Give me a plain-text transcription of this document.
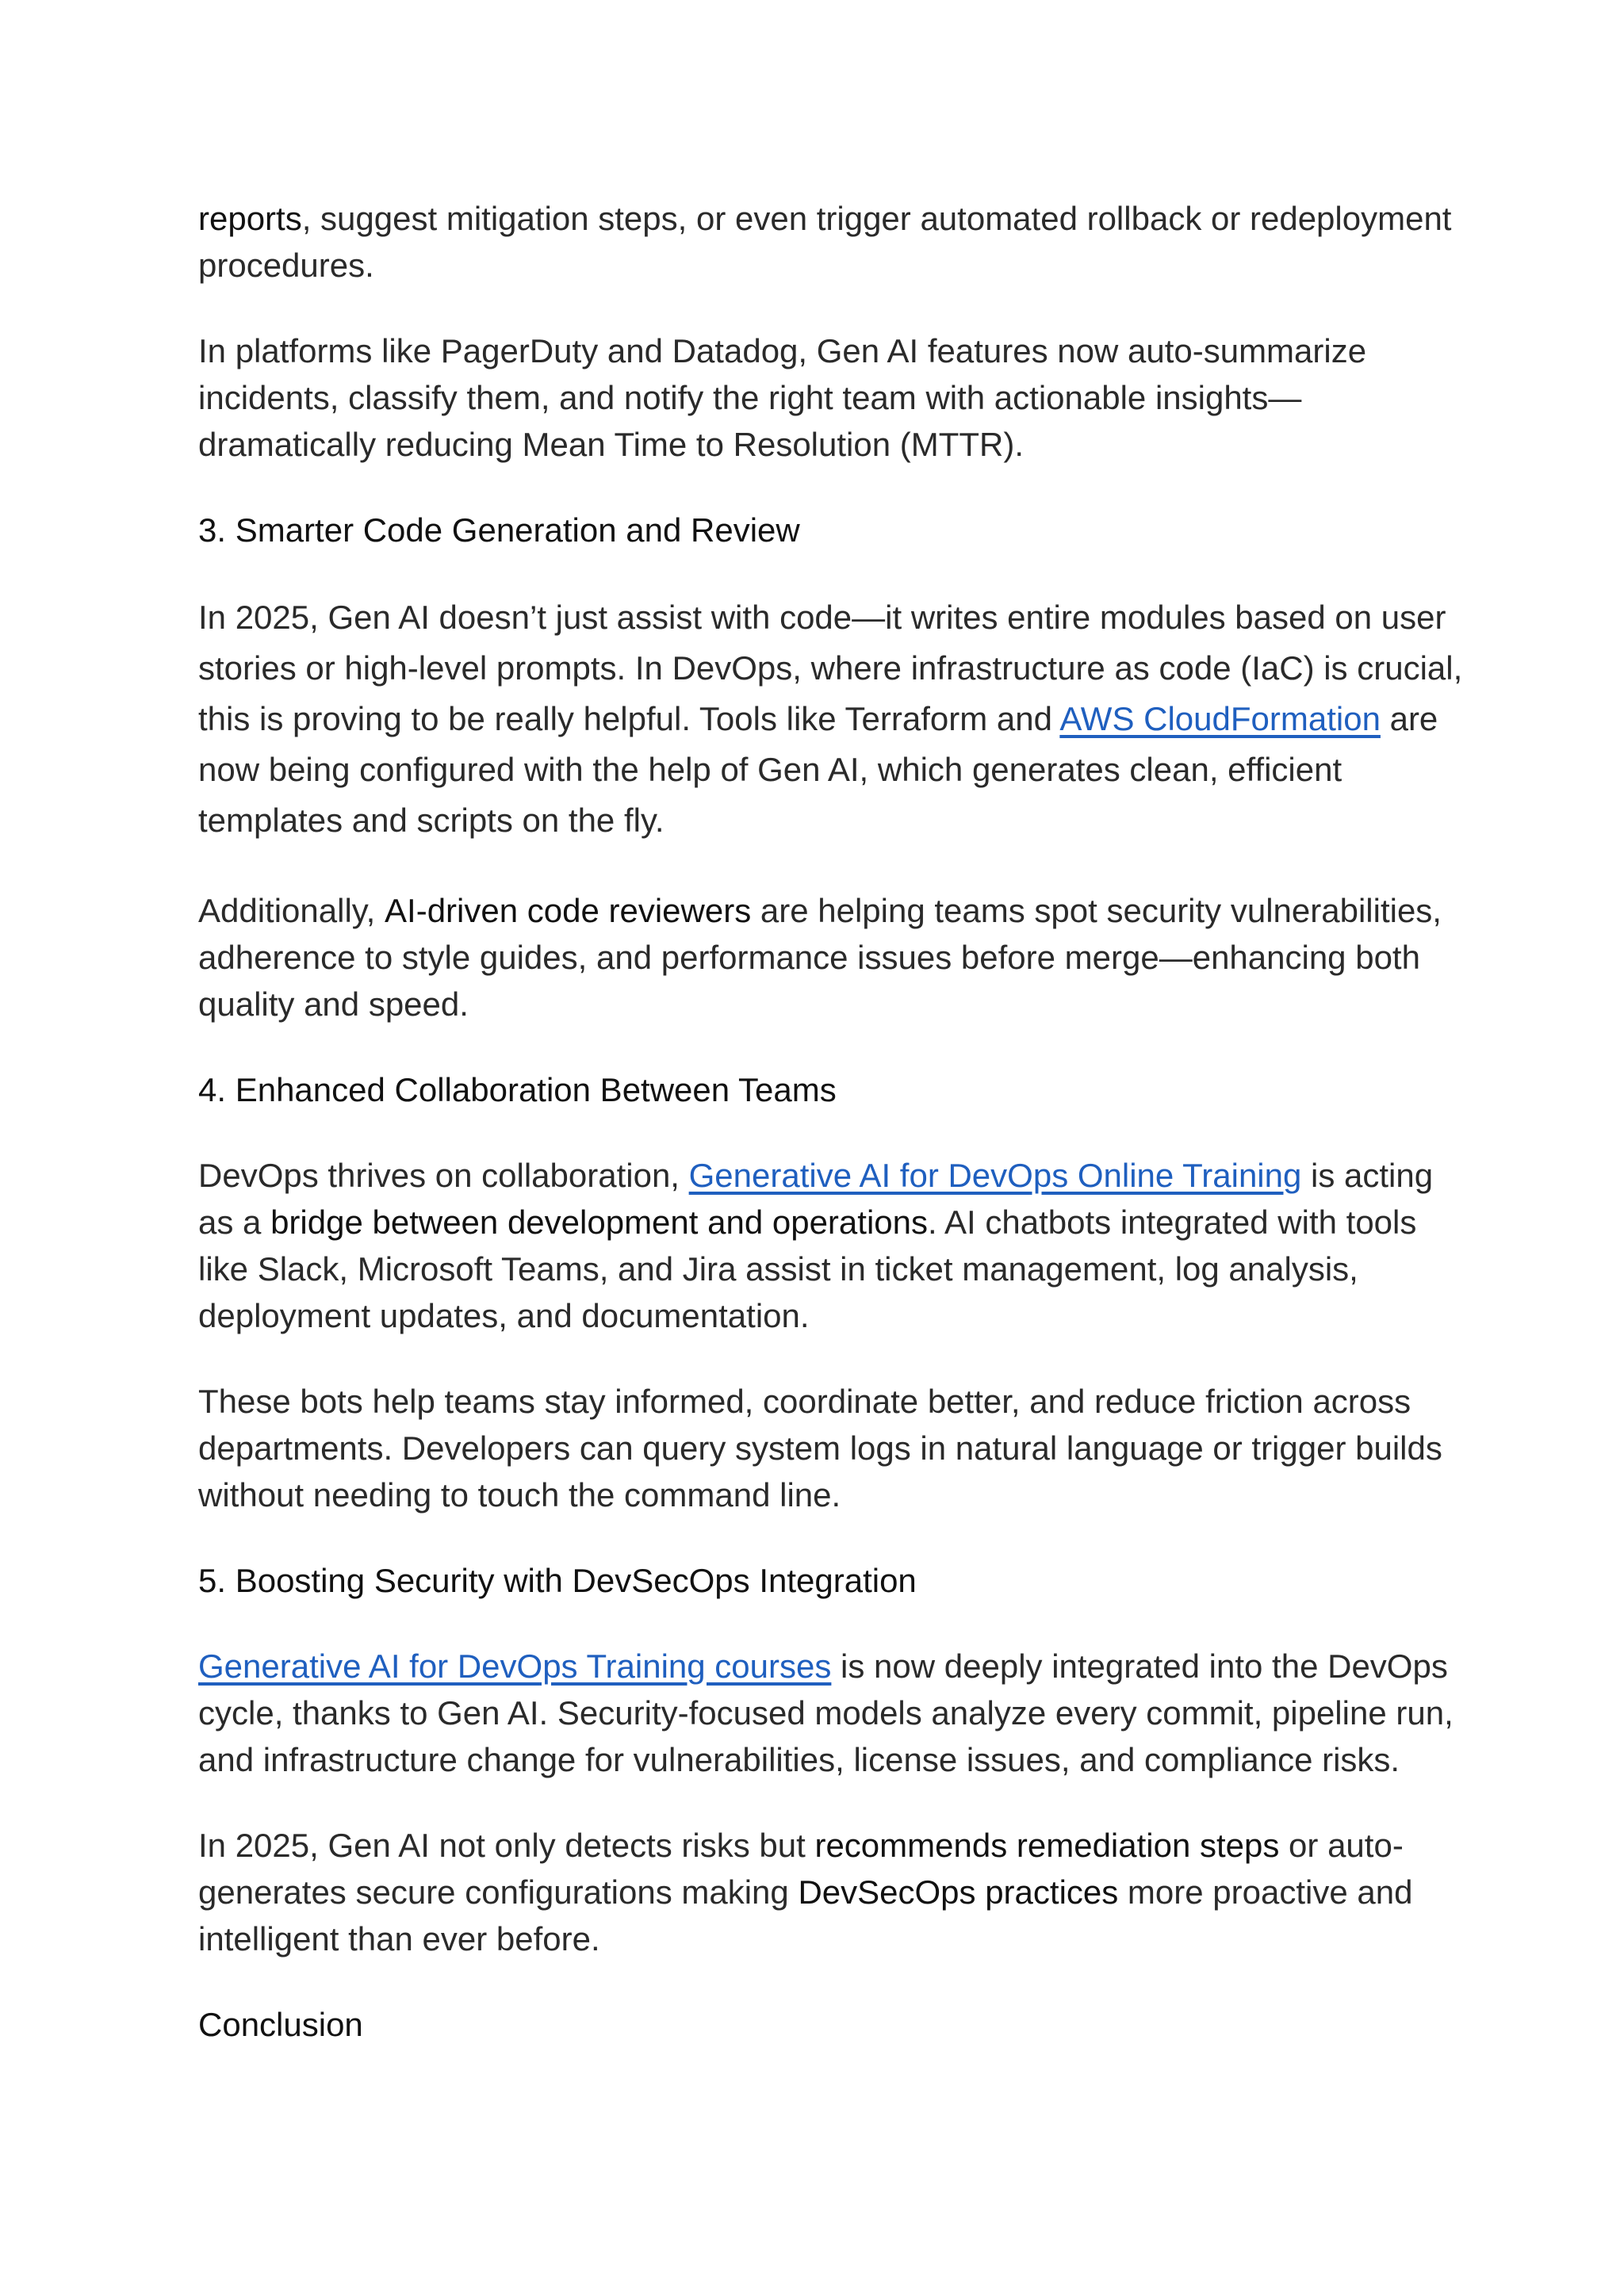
reports, suggest mitigation steps, or even trigger automated rollback or redeployment procedures.

In platforms like PagerDuty and Datadog, Gen AI features now auto-summarize incidents, classify them, and notify the right team with actionable insights—dramatically reducing Mean Time to Resolution (MTTR).

3. Smarter Code Generation and Review

In 2025, Gen AI doesn’t just assist with code—it writes entire modules based on user stories or high-level prompts. In DevOps, where infrastructure as code (IaC) is crucial, this is proving to be really helpful. Tools like Terraform and AWS CloudFormation are now being configured with the help of Gen AI, which generates clean, efficient templates and scripts on the fly.

Additionally, AI-driven code reviewers are helping teams spot security vulnerabilities, adherence to style guides, and performance issues before merge—enhancing both quality and speed.

4. Enhanced Collaboration Between Teams

DevOps thrives on collaboration, Generative AI for DevOps Online Training is acting as a bridge between development and operations. AI chatbots integrated with tools like Slack, Microsoft Teams, and Jira assist in ticket management, log analysis, deployment updates, and documentation.

These bots help teams stay informed, coordinate better, and reduce friction across departments. Developers can query system logs in natural language or trigger builds without needing to touch the command line.

5. Boosting Security with DevSecOps Integration

Generative AI for DevOps Training courses is now deeply integrated into the DevOps cycle, thanks to Gen AI. Security-focused models analyze every commit, pipeline run, and infrastructure change for vulnerabilities, license issues, and compliance risks.

In 2025, Gen AI not only detects risks but recommends remediation steps or auto-generates secure configurations making DevSecOps practices more proactive and intelligent than ever before.

Conclusion
